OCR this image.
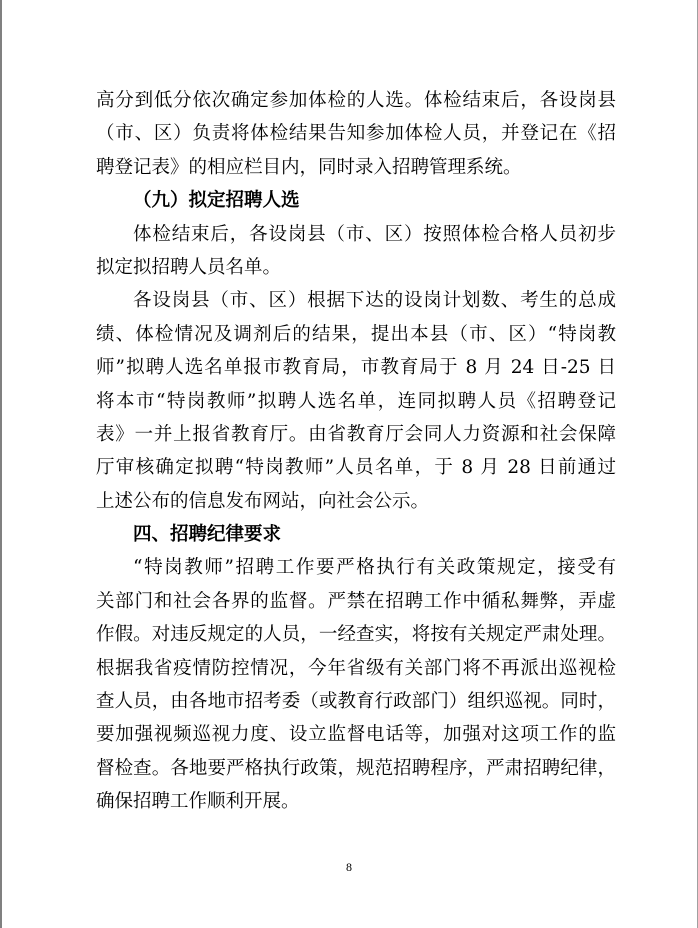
高分到低分依次确定参加体检的人选。体检结束后，各设岗县
（市、区）负责将体检结果告知参加体检人员，并登记在《招
聘登记表》的相应栏目内，同时录入招聘管理系统。
（九）拟定招聘人选
体检结束后，各设岗县（市、区）按照体检合格人员初步
拟定拟招聘人员名单。
各设岗县（市、区）根据下达的设岗计划数、考生的总成
绩、体检情况及调剂后的结果，提出本县（市、区）“特岗教
师”拟聘人选名单报市教育局，市教育局于 8 月 24 日-25 日
将本市“特岗教师”拟聘人选名单，连同拟聘人员《招聘登记
表》一并上报省教育厅。由省教育厅会同人力资源和社会保障
厅审核确定拟聘“特岗教师”人员名单，于 8 月 28 日前通过
上述公布的信息发布网站，向社会公示。
四、招聘纪律要求
“特岗教师”招聘工作要严格执行有关政策规定，接受有
关部门和社会各界的监督。严禁在招聘工作中循私舞弊，弄虚
作假。对违反规定的人员，一经查实，将按有关规定严肃处理。
根据我省疫情防控情况，今年省级有关部门将不再派出巡视检
查人员，由各地市招考委（或教育行政部门）组织巡视。同时，
要加强视频巡视力度、设立监督电话等，加强对这项工作的监
督检查。各地要严格执行政策，规范招聘程序，严肃招聘纪律，
确保招聘工作顺利开展。
8
